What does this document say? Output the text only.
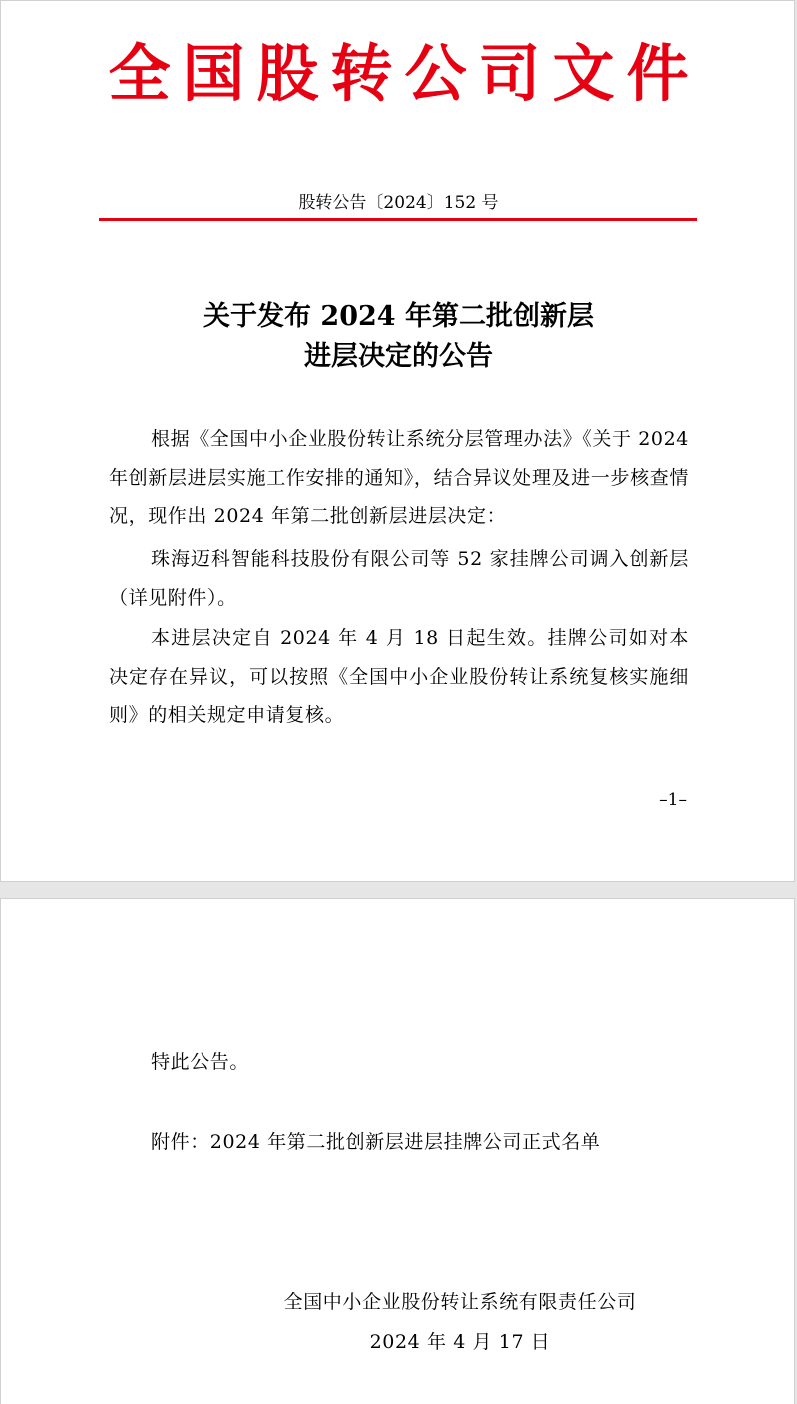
全国股转公司文件
股转公告〔2024〕152 号
关于发布 2024 年第二批创新层
进层决定的公告
根据《全国中小企业股份转让系统分层管理办法》《关于 2024 年创新层进层实施工作安排的通知》，结合异议处理及进一步核查情况，现作出 2024 年第二批创新层进层决定：
珠海迈科智能科技股份有限公司等 52 家挂牌公司调入创新层（详见附件）。
本进层决定自 2024 年 4 月 18 日起生效。挂牌公司如对本决定存在异议，可以按照《全国中小企业股份转让系统复核实施细则》的相关规定申请复核。
–1–
特此公告。
附件：2024 年第二批创新层进层挂牌公司正式名单
全国中小企业股份转让系统有限责任公司
2024 年 4 月 17 日
